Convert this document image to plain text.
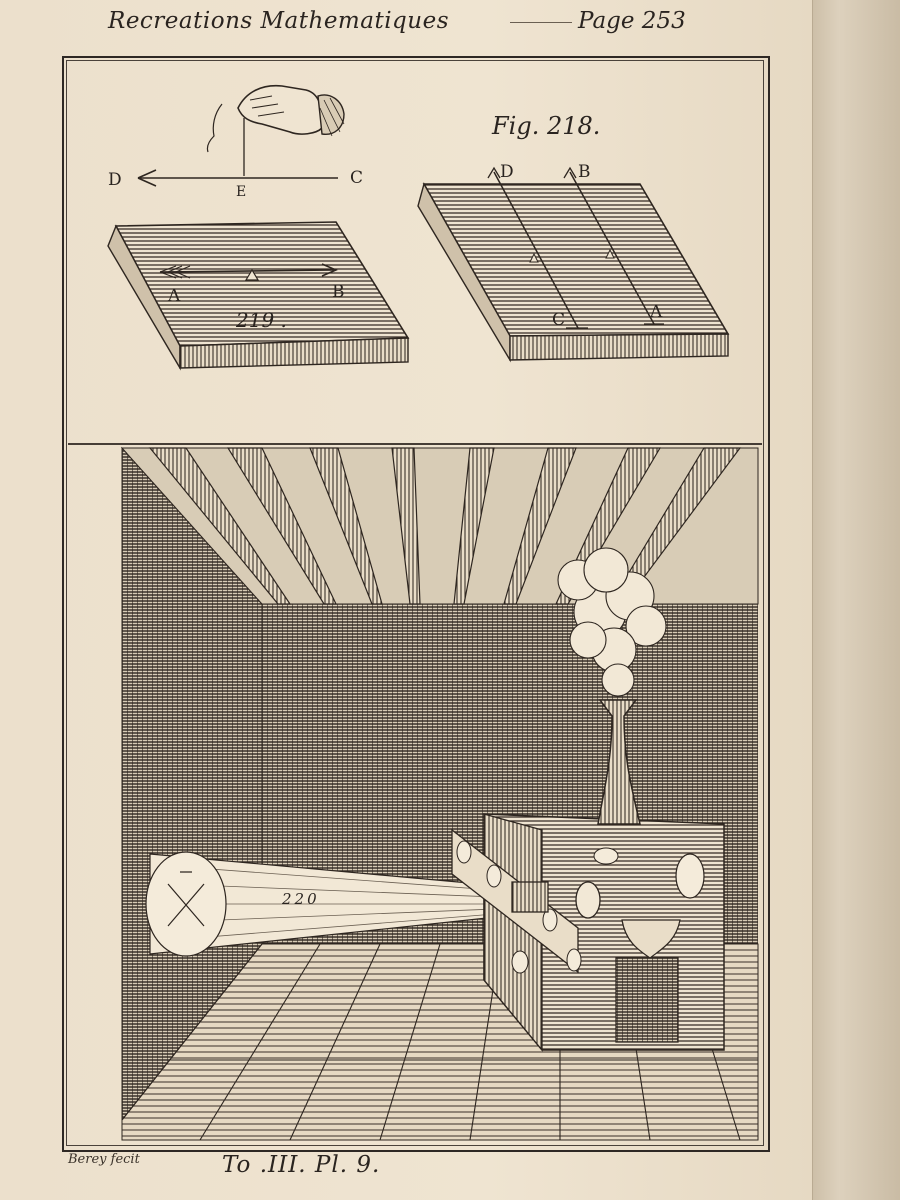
Recreations Mathematiques	Page 253
Fig. 218.
D
E
C
A	B
219 .
D	B
C	A
220
Berey fecit	To .III. Pl. 9.
